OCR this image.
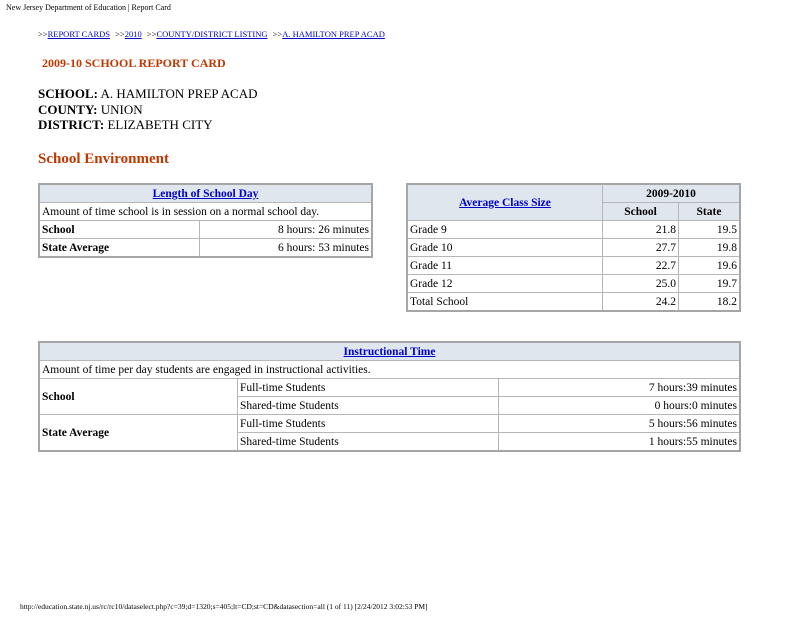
New Jersey Department of Education | Report Card
>>REPORT CARDS >>2010 >>COUNTY/DISTRICT LISTING >>A. HAMILTON PREP ACAD
2009-10 SCHOOL REPORT CARD
SCHOOL: A. HAMILTON PREP ACAD
COUNTY: UNION
DISTRICT: ELIZABETH CITY
School Environment
Length of School Day	
Amount of time school is in session on a normal school day.	
School	8 hours: 26 minutes
State Average	6 hours: 53 minutes
Average Class Size	2009-2010	
	School	State
Grade 9	21.8	19.5
Grade 10	27.7	19.8
Grade 11	22.7	19.6
Grade 12	25.0	19.7
Total School	24.2	18.2
Instructional Time		
Amount of time per day students are engaged in instructional activities.		
School	Full-time Students	7 hours:39 minutes
	Shared-time Students	0 hours:0 minutes
State Average	Full-time Students	5 hours:56 minutes
	Shared-time Students	1 hours:55 minutes
http://education.state.nj.us/rc/rc10/dataselect.php?c=39;d=1320;s=405;lt=CD;st=CD&datasection=all (1 of 11) [2/24/2012 3:02:53 PM]
